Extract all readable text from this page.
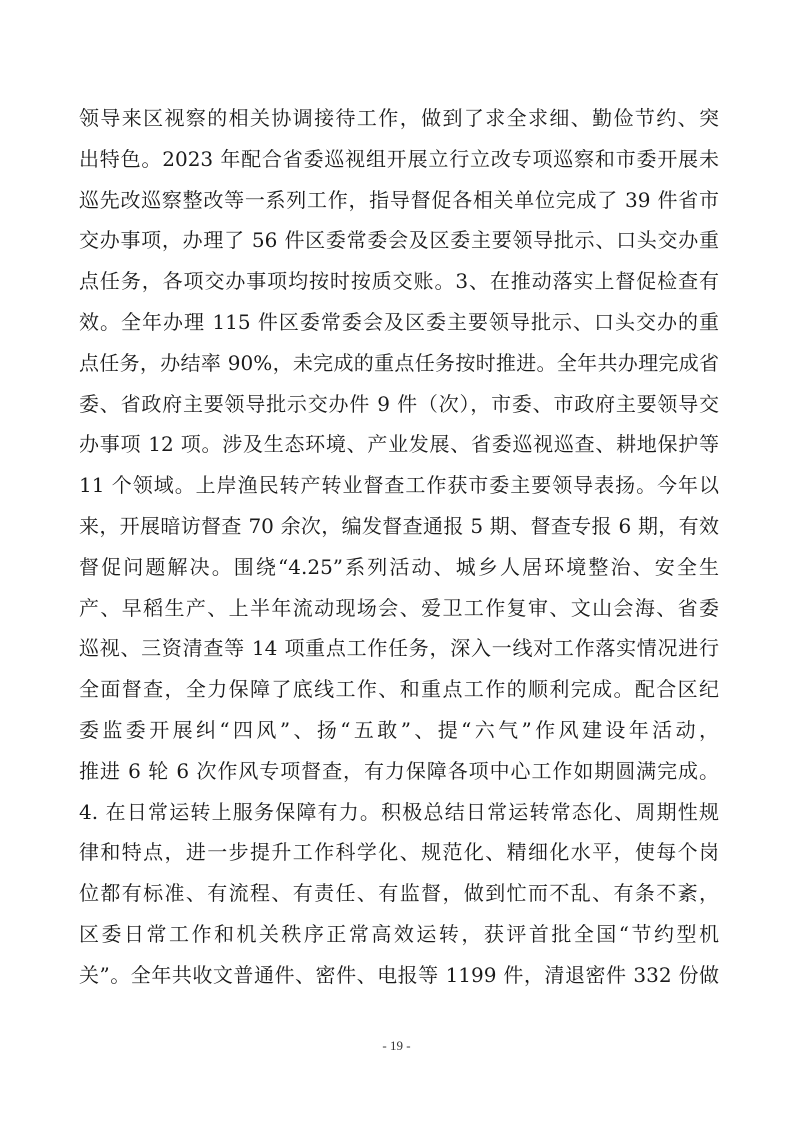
领导来区视察的相关协调接待工作，做到了求全求细、勤俭节约、突
出特色。2023 年配合省委巡视组开展立行立改专项巡察和市委开展未
巡先改巡察整改等一系列工作，指导督促各相关单位完成了 39 件省市
交办事项，办理了 56 件区委常委会及区委主要领导批示、口头交办重
点任务，各项交办事项均按时按质交账。3、在推动落实上督促检查有
效。全年办理 115 件区委常委会及区委主要领导批示、口头交办的重
点任务，办结率 90%，未完成的重点任务按时推进。全年共办理完成省
委、省政府主要领导批示交办件 9 件（次），市委、市政府主要领导交
办事项 12 项。涉及生态环境、产业发展、省委巡视巡查、耕地保护等
11 个领域。上岸渔民转产转业督查工作获市委主要领导表扬。今年以
来，开展暗访督查 70 余次，编发督查通报 5 期、督查专报 6 期，有效
督促问题解决。围绕“4.25”系列活动、城乡人居环境整治、安全生
产、早稻生产、上半年流动现场会、爱卫工作复审、文山会海、省委
巡视、三资清查等 14 项重点工作任务，深入一线对工作落实情况进行
全面督查，全力保障了底线工作、和重点工作的顺利完成。配合区纪
委监委开展纠“四风”、扬“五敢”、提“六气”作风建设年活动，
推进 6 轮 6 次作风专项督查，有力保障各项中心工作如期圆满完成。
4. 在日常运转上服务保障有力。积极总结日常运转常态化、周期性规
律和特点，进一步提升工作科学化、规范化、精细化水平，使每个岗
位都有标准、有流程、有责任、有监督，做到忙而不乱、有条不紊，
区委日常工作和机关秩序正常高效运转，获评首批全国“节约型机
关”。全年共收文普通件、密件、电报等 1199 件，清退密件 332 份做
- 19 -
